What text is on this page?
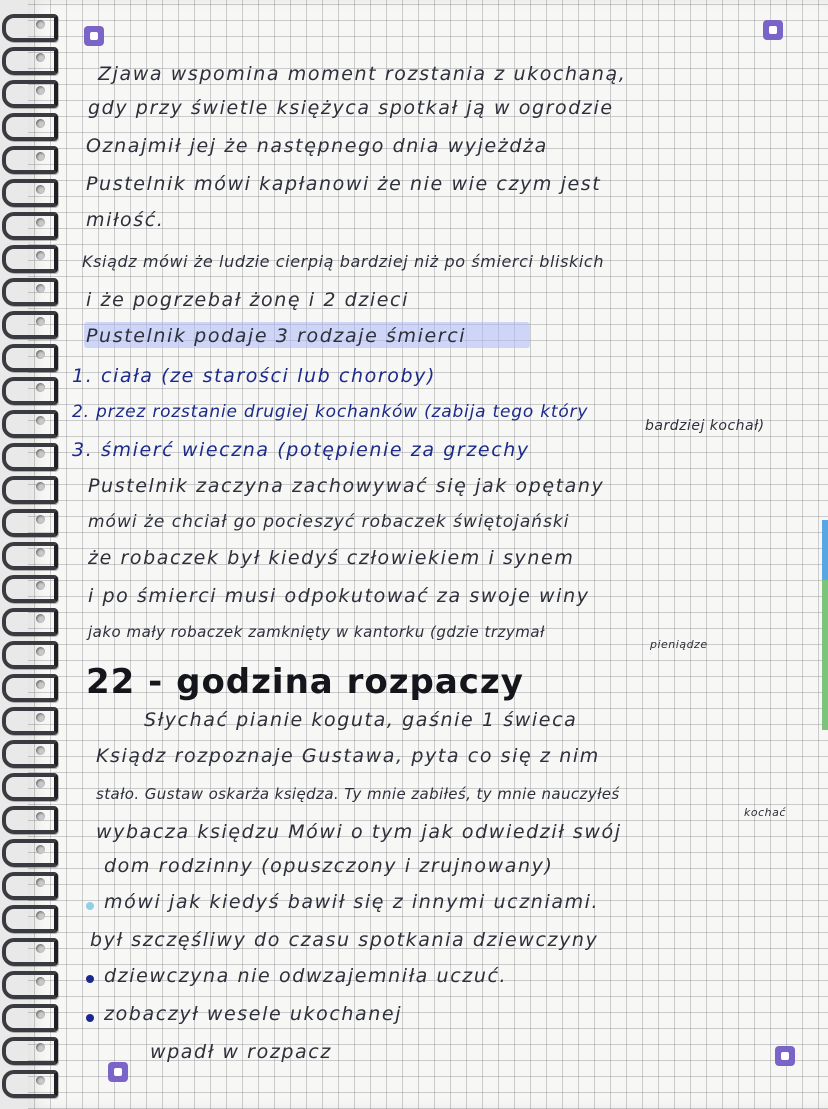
Zjawa wspomina moment rozstania z ukochaną,
gdy przy świetle księżyca spotkał ją w ogrodzie
Oznajmił jej że następnego dnia wyjeżdża
Pustelnik mówi kapłanowi że nie wie czym jest
miłość.
Ksiądz mówi że ludzie cierpią bardziej niż po śmierci bliskich
i że pogrzebał żonę i 2 dzieci
Pustelnik podaje 3 rodzaje śmierci
1. ciała (ze starości lub choroby)
2. przez rozstanie drugiej kochanków (zabija tego który
bardziej kochał)
3. śmierć wieczna (potępienie za grzechy
Pustelnik zaczyna zachowywać się jak opętany
mówi że chciał go pocieszyć robaczek świętojański
że robaczek był kiedyś człowiekiem i synem
i po śmierci musi odpokutować za swoje winy
jako mały robaczek zamknięty w kantorku (gdzie trzymał
pieniądze
22 - godzina rozpaczy
Słychać pianie koguta, gaśnie 1 świeca
Ksiądz rozpoznaje Gustawa, pyta co się z nim
stało. Gustaw oskarża księdza. Ty mnie zabiłeś, ty mnie nauczyłeś
kochać
wybacza księdzu Mówi o tym jak odwiedził swój
dom rodzinny (opuszczony i zrujnowany)
mówi jak kiedyś bawił się z innymi uczniami.
był szczęśliwy do czasu spotkania dziewczyny
dziewczyna nie odwzajemniła uczuć.
zobaczył wesele ukochanej
wpadł w rozpacz
